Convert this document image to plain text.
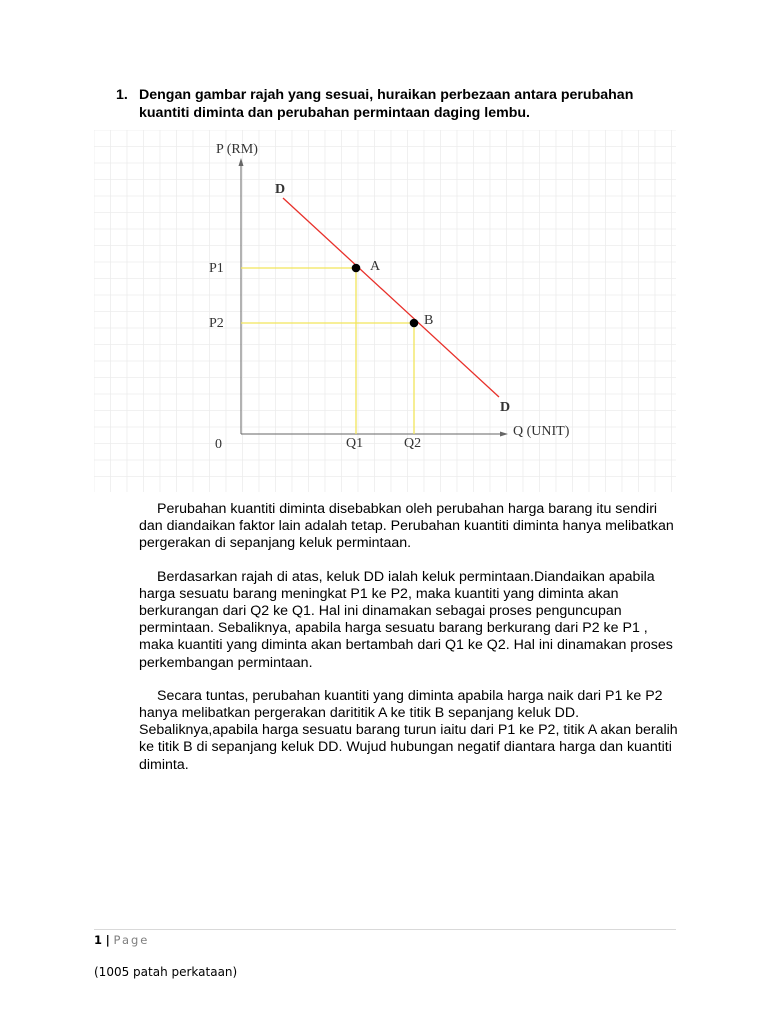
1. Dengan gambar rajah yang sesuai, huraikan perbezaan antara perubahan kuantiti diminta dan perubahan permintaan daging lembu.
P (RM)
Q (UNIT)
0
D
D
A
B
P1
P2
Q1	Q2

Perubahan kuantiti diminta disebabkan oleh perubahan harga barang itu sendiri dan diandaikan faktor lain adalah tetap. Perubahan kuantiti diminta hanya melibatkan pergerakan di sepanjang keluk permintaan.

Berdasarkan rajah di atas, keluk DD ialah keluk permintaan.Diandaikan apabila harga sesuatu barang meningkat P1 ke P2, maka kuantiti yang diminta akan berkurangan dari Q2 ke Q1. Hal ini dinamakan sebagai proses penguncupan permintaan. Sebaliknya, apabila harga sesuatu barang berkurang dari P2 ke P1 , maka kuantiti yang diminta akan bertambah dari Q1 ke Q2. Hal ini dinamakan proses perkembangan permintaan.

Secara tuntas, perubahan kuantiti yang diminta apabila harga naik dari P1 ke P2 hanya melibatkan pergerakan darititik A ke titik B sepanjang keluk DD. Sebaliknya,apabila harga sesuatu barang turun iaitu dari P1 ke P2, titik A akan beralih ke titik B di sepanjang keluk DD. Wujud hubungan negatif diantara harga dan kuantiti diminta.

1 | Page
(1005 patah perkataan)
